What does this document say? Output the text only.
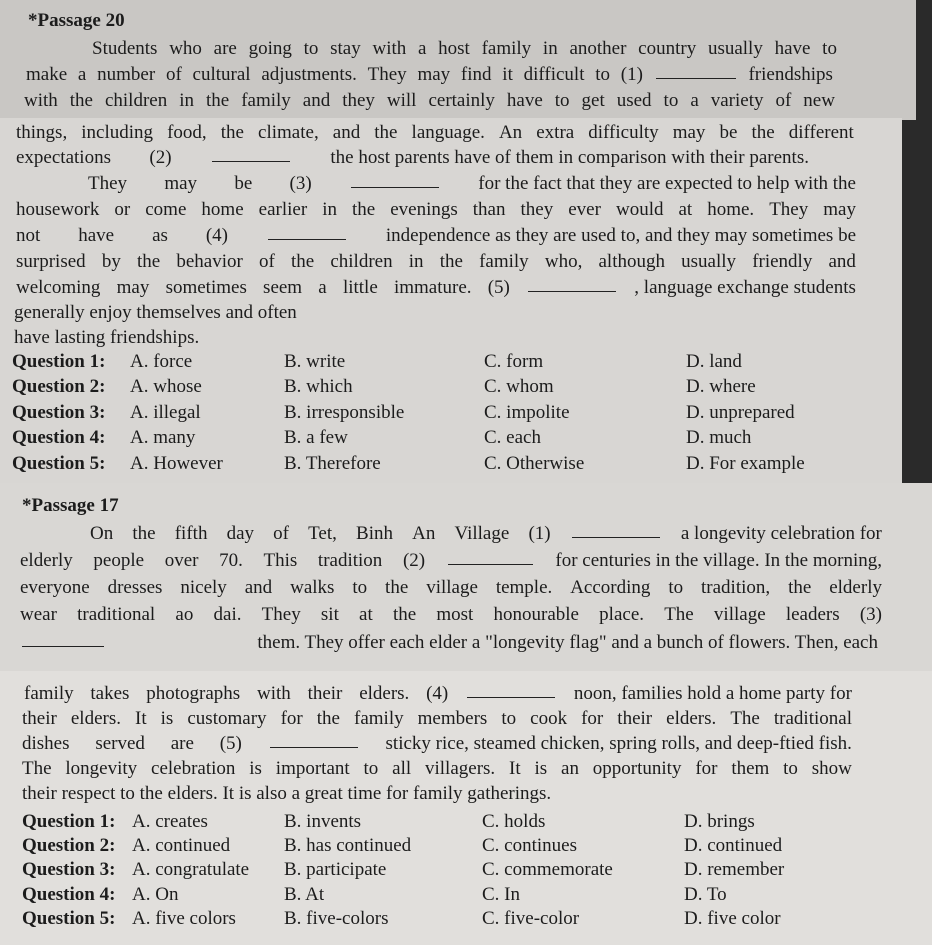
*Passage 20
Students who are going to stay with a host family in another country usually have to
make a number of cultural adjustments. They may find it difficult to (1)	friendships
with the children in the family and they will certainly have to get used to a variety of new
things, including food, the climate, and the language. An extra difficulty may be the different
expectations (2)	the host parents have of them in comparison with their parents.
They may be (3)	for the fact that they are expected to help with the
housework or come home earlier in the evenings than they ever would at home. They may
not have as (4)	independence as they are used to, and they may sometimes be
surprised by the behavior of the children in the family who, although usually friendly and
welcoming may sometimes seem a little immature. (5)	, language exchange students
generally enjoy themselves and often
have lasting friendships.
Question 1: A. force	B. write	C. form	D. land
Question 2: A. whose	B. which	C. whom	D. where
Question 3: A. illegal	B. irresponsible	C. impolite	D. unprepared
Question 4: A. many	B. a few	C. each	D. much
Question 5: A. However	B. Therefore	C. Otherwise	D. For example
*Passage 17
On the fifth day of Tet, Binh An Village (1)	a longevity celebration for
elderly people over 70. This tradition (2)	for centuries in the village. In the morning,
everyone dresses nicely and walks to the village temple. According to tradition, the elderly
wear traditional ao dai. They sit at the most honourable place. The village leaders (3)
them. They offer each elder a "longevity flag" and a bunch of flowers. Then, each
family takes photographs with their elders. (4)	noon, families hold a home party for
their elders. It is customary for the family members to cook for their elders. The traditional
dishes served are (5)	sticky rice, steamed chicken, spring rolls, and deep-ftied fish.
The longevity celebration is important to all villagers. It is an opportunity for them to show
their respect to the elders. It is also a great time for family gatherings.
Question 1: A. creates	B. invents	C. holds	D. brings
Question 2: A. continued	B. has continued	C. continues	D. continued
Question 3: A. congratulate B. participate	C. commemorate	D. remember
Question 4: A. On	B. At	C. In	D. To
Question 5: A. five colors	B. five-colors	C. five-color	D. five color
